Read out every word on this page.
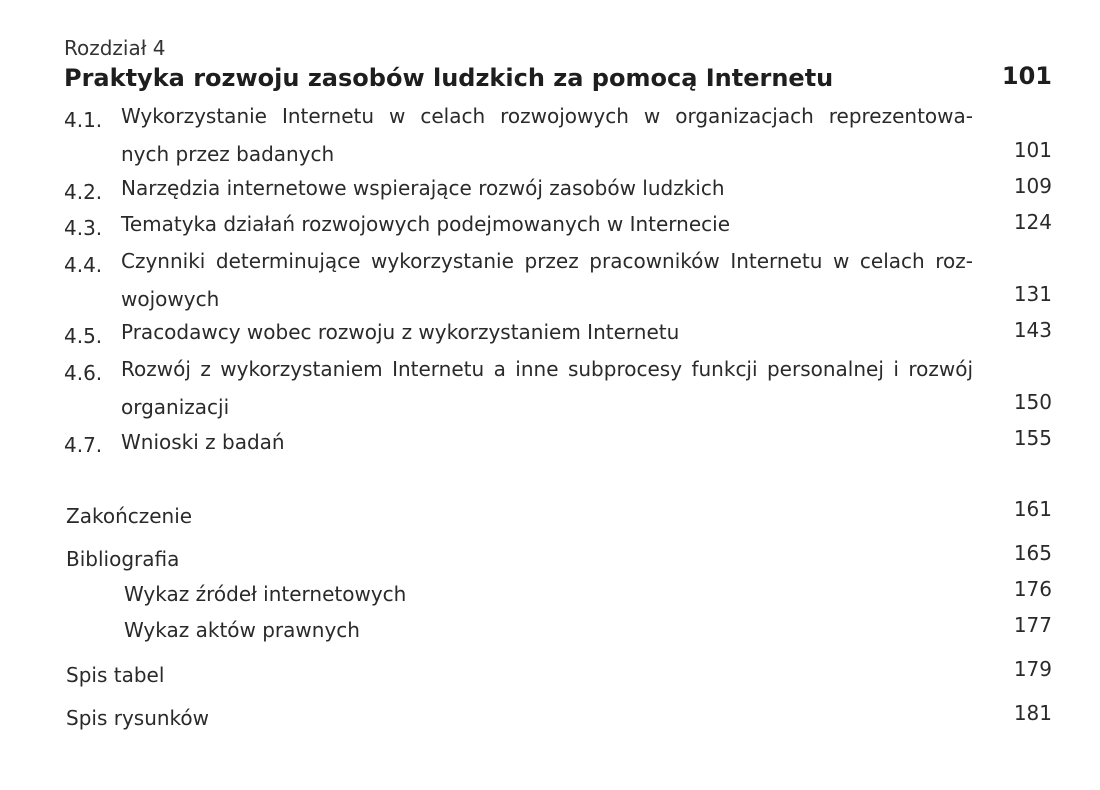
Rozdział 4
Praktyka rozwoju zasobów ludzkich za pomocą Internetu	101
4.1. Wykorzystanie Internetu w celach rozwojowych w organizacjach reprezentowa-
nych przez badanych	101
4.2. Narzędzia internetowe wspierające rozwój zasobów ludzkich	109
4.3. Tematyka działań rozwojowych podejmowanych w Internecie	124
4.4. Czynniki determinujące wykorzystanie przez pracowników Internetu w celach roz-
wojowych	131
4.5. Pracodawcy wobec rozwoju z wykorzystaniem Internetu	143
4.6. Rozwój z wykorzystaniem Internetu a inne subprocesy funkcji personalnej i rozwój
organizacji	150
4.7. Wnioski z badań	155
Zakończenie	161
Bibliografia	165
Wykaz źródeł internetowych	176
Wykaz aktów prawnych	177
Spis tabel	179
Spis rysunków	181
